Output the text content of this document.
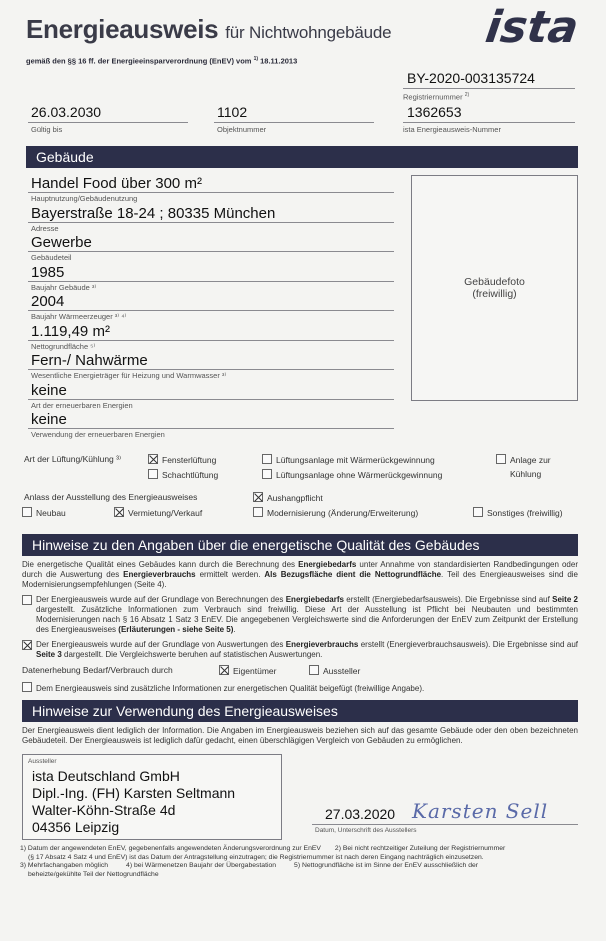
Energieausweis für Nichtwohngebäude ista
gemäß den §§ 16 ff. der Energieeinsparverordnung (EnEV) vom $^{1)}$ 18.11.2013
BY-2020-003135724
Registriernummer $^{2)}$
26.03.2030
Gültig bis
1102
Objektnummer
1362653
ista Energieausweis-Nummer
Gebäude
Handel Food über 300 m²
Hauptnutzung/Gebäudenutzung
Bayerstraße 18-24 ; 80335 München
Adresse
Gewerbe
Gebäudeteil
1985
Baujahr Gebäude ³⁾
2004
Baujahr Wärmeerzeuger ³⁾ ⁴⁾
1.119,49 m²
Nettogrundfläche ⁵⁾
Fern-/ Nahwärme
Wesentliche Energieträger für Heizung und Warmwasser ³⁾
keine
Art der erneuerbaren Energien
keine
Verwendung der erneuerbaren Energien
Gebäudefoto
(freiwillig)
Art der Lüftung/Kühlung ³⁾	Fensterlüftung
Schachtlüftung
Lüftungsanlage mit Wärmerückgewinnung
Lüftungsanlage ohne Wärmerückgewinnung
Anlage zur
Kühlung
Anlass der Ausstellung des Energieausweises	Aushangpflicht
Neubau	Vermietung/Verkauf	Modernisierung (Änderung/Erweiterung)	Sonstiges (freiwillig)
Hinweise zu den Angaben über die energetische Qualität des Gebäudes
Die energetische Qualität eines Gebäudes kann durch die Berechnung des Energiebedarfs unter Annahme von standardisierten Randbedingungen oder durch die Auswertung des Energieverbrauchs ermittelt werden. Als Bezugsfläche dient die Nettogrundfläche. Teil des Energieausweises sind die Modernisierungsempfehlungen (Seite 4).
Der Energieausweis wurde auf der Grundlage von Berechnungen des Energiebedarfs erstellt (Energiebedarfsausweis). Die Ergebnisse sind auf Seite 2 dargestellt. Zusätzliche Informationen zum Verbrauch sind freiwillig. Diese Art der Ausstellung ist Pflicht bei Neubauten und bestimmten Modernisierungen nach § 16 Absatz 1 Satz 3 EnEV. Die angegebenen Vergleichswerte sind die Anforderungen der EnEV zum Zeitpunkt der Erstellung des Energieausweises (Erläuterungen - siehe Seite 5).
Der Energieausweis wurde auf der Grundlage von Auswertungen des Energieverbrauchs erstellt (Energieverbrauchsausweis). Die Ergebnisse sind auf Seite 3 dargestellt. Die Vergleichswerte beruhen auf statistischen Auswertungen.
Datenerhebung Bedarf/Verbrauch durch	Eigentümer	Aussteller
Dem Energieausweis sind zusätzliche Informationen zur energetischen Qualität beigefügt (freiwillige Angabe).
Hinweise zur Verwendung des Energieausweises
Der Energieausweis dient lediglich der Information. Die Angaben im Energieausweis beziehen sich auf das gesamte Gebäude oder den oben bezeichneten Gebäudeteil. Der Energieausweis ist lediglich dafür gedacht, einen überschlägigen Vergleich von Gebäuden zu ermöglichen.
Aussteller
ista Deutschland GmbH
Dipl.-Ing. (FH) Karsten Seltmann
Walter-Köhn-Straße 4d
04356 Leipzig
27.03.2020 Karsten Sell
Datum, Unterschrift des Ausstellers
1) Datum der angewendeten EnEV, gegebenenfalls angewendeten Änderungsverordnung zur EnEV 2) Bei nicht rechtzeitiger Zuteilung der Registriernummer
(§ 17 Absatz 4 Satz 4 und EnEV) ist das Datum der Antragstellung einzutragen; die Registriernummer ist nach deren Eingang nachträglich einzusetzen.
3) Mehrfachangaben möglich	4) bei Wärmenetzen Baujahr der Übergabestation	5) Nettogrundfläche ist im Sinne der EnEV ausschließlich der
beheizte/gekühlte Teil der Nettogrundfläche
